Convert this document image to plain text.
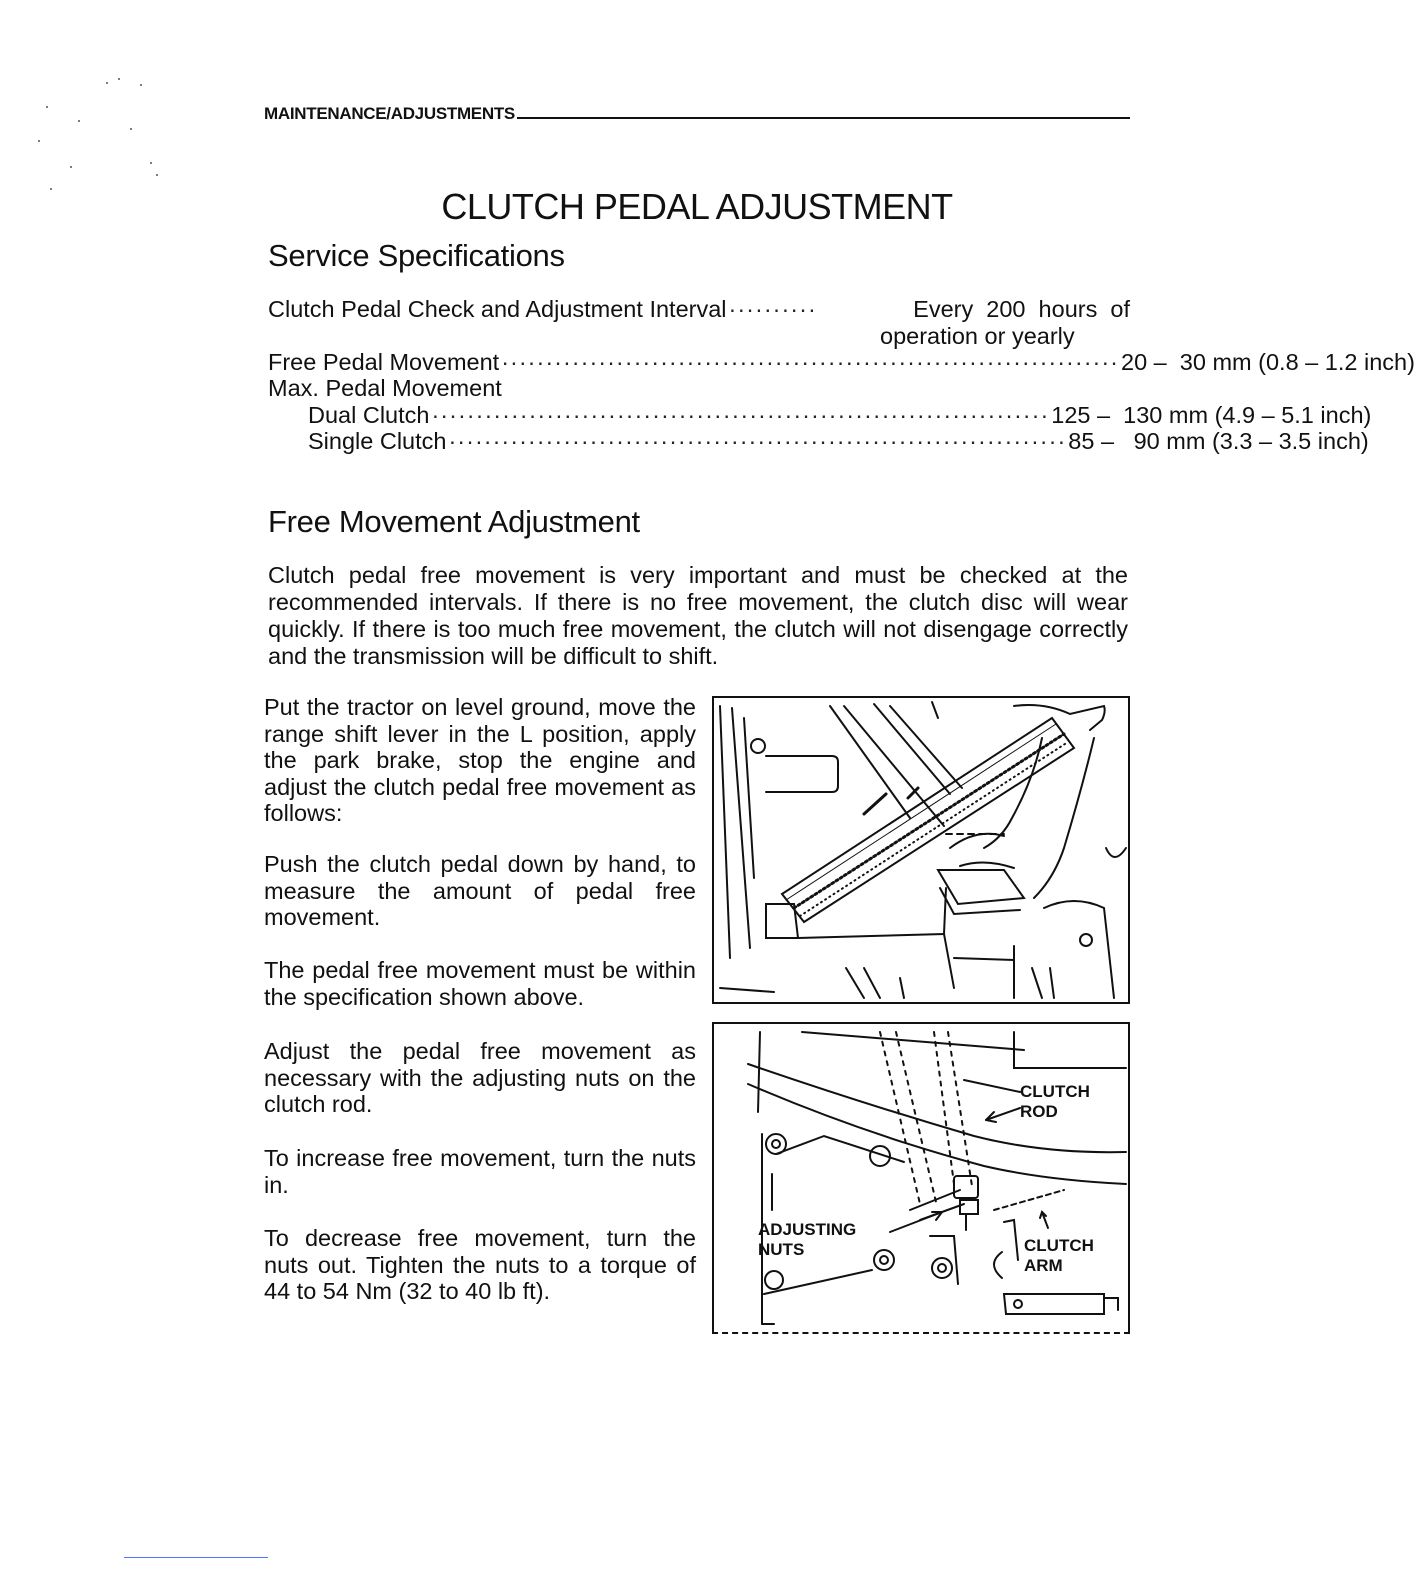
MAINTENANCE/ADJUSTMENTS
CLUTCH PEDAL ADJUSTMENT
Service Specifications
Clutch Pedal Check and Adjustment Interval ··········	Every  200  hours  of
operation or yearly
Free Pedal Movement ······································································ 20 –  30 mm (0.8 – 1.2 inch)
Max. Pedal Movement
Dual Clutch ······································································ 125 –  130 mm (4.9 – 5.1 inch)
Single Clutch ······································································ 85 –   90 mm (3.3 – 3.5 inch)
Free Movement Adjustment
Clutch pedal free movement is very important and must be checked at the recommended intervals. If there is no free movement, the clutch disc will wear quickly. If there is too much free movement, the clutch will not disengage correctly and the transmission will be difficult to shift.
Put the tractor on level ground, move the range shift lever in the L position, apply the park brake, stop the engine and adjust the clutch pedal free movement as follows:
Push the clutch pedal down by hand, to measure the amount of pedal free movement.
The pedal free movement must be within the specification shown above.
Adjust the pedal free movement as necessary with the adjusting nuts on the clutch rod.
To increase free movement, turn the nuts in.
To decrease free movement, turn the nuts out. Tighten the nuts to a torque of 44 to 54 Nm (32 to 40 lb ft).
CLUTCH
ROD
ADJUSTING
NUTS	CLUTCH
ARM
